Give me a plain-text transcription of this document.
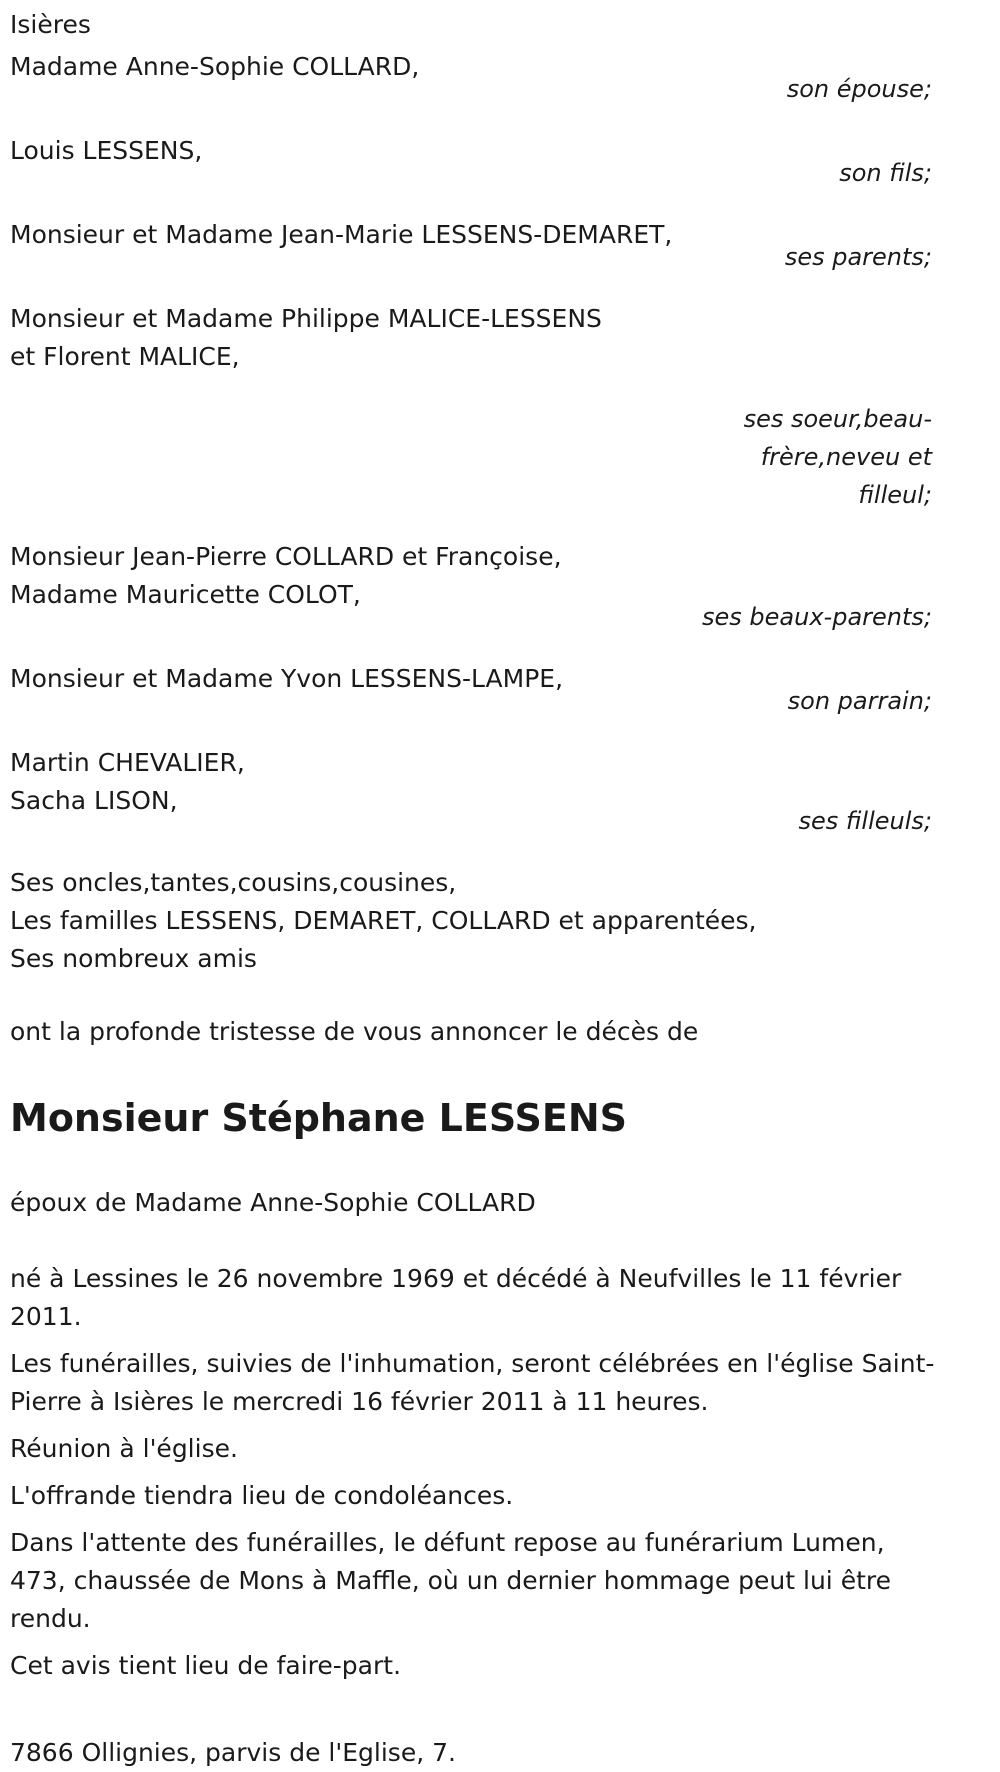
Isières

Madame Anne-Sophie COLLARD,

son épouse;

Louis LESSENS,

son fils;

Monsieur et Madame Jean-Marie LESSENS-DEMARET,

ses parents;

Monsieur et Madame Philippe MALICE-LESSENS

et Florent MALICE,

ses soeur,beau-frère,neveu et filleul;

Monsieur Jean-Pierre COLLARD et Françoise,

Madame Mauricette COLOT,

ses beaux-parents;

Monsieur et Madame Yvon LESSENS-LAMPE,

son parrain;

Martin CHEVALIER,

Sacha LISON,

ses filleuls;

Ses oncles,tantes,cousins,cousines,

Les familles LESSENS, DEMARET, COLLARD et apparentées,

Ses nombreux amis

ont la profonde tristesse de vous annoncer le décès de

Monsieur Stéphane LESSENS

époux de Madame Anne-Sophie COLLARD

né à Lessines le 26 novembre 1969 et décédé à Neufvilles le 11 février 2011.

Les funérailles, suivies de l'inhumation, seront célébrées en l'église Saint-Pierre à Isières le mercredi 16 février 2011 à 11 heures.

Réunion à l'église.

L'offrande tiendra lieu de condoléances.

Dans l'attente des funérailles, le défunt repose au funérarium Lumen, 473, chaussée de Mons à Maffle, où un dernier hommage peut lui être rendu.

Cet avis tient lieu de faire-part.

7866 Ollignies, parvis de l'Eglise, 7.
